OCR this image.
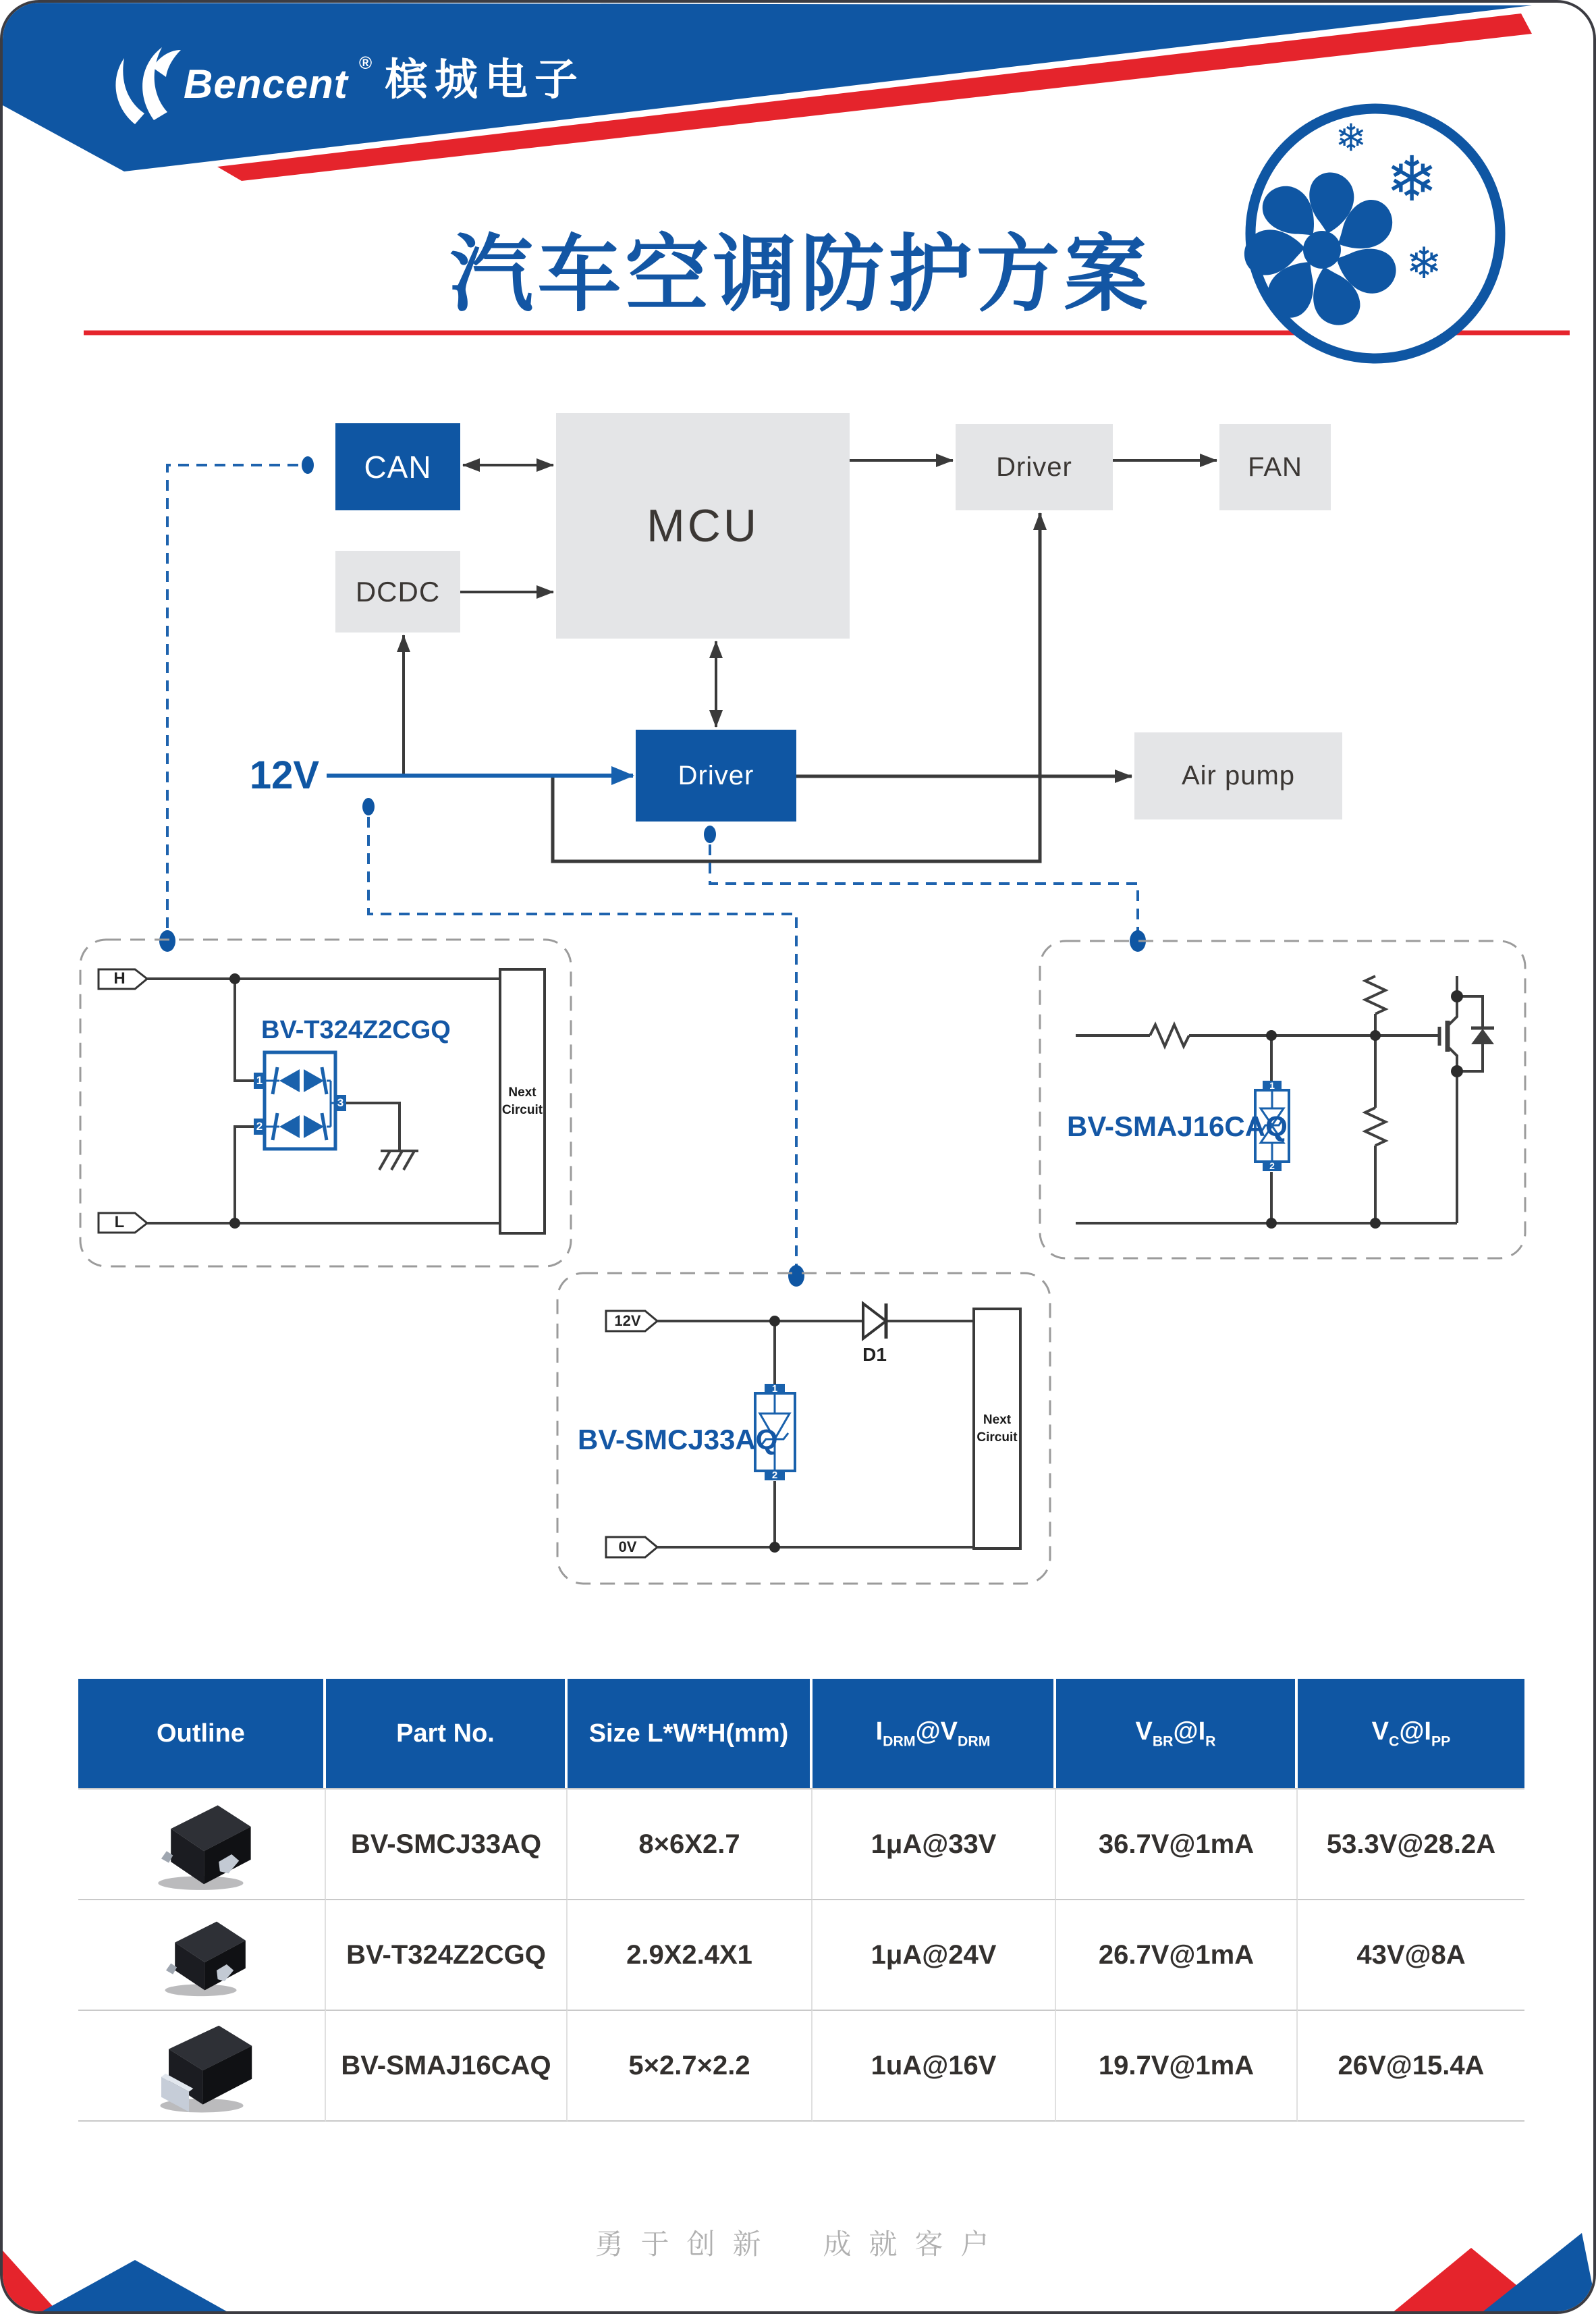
❄
❄
❄
Bencent ® 槟城电子
汽车空调防护方案
CAN
MCU
DCDC
Driver	FAN
Driver	Air pump
12V
BV-T324Z2CGQ
H
L
Next
Circuit
1
2
3
BV-SMCJ33AQ
12V
0V
D1
Next
Circuit
1
2
BV-SMAJ16CAQ
1
2
Outline	Part No.	Size L*W*H(mm)	$I_{DRM}@V_{DRM}$	$V_{BR}@I_R$	$V_C@I_{PP}$
BV-SMCJ33AQ	8×6X2.7	1μA@33V	36.7V@1mA	53.3V@28.2A
BV-T324Z2CGQ	2.9X2.4X1	1μA@24V	26.7V@1mA	43V@8A
BV-SMAJ16CAQ	5×2.7×2.2	1uA@16V	19.7V@1mA	26V@15.4A
勇于创新 成就客户
